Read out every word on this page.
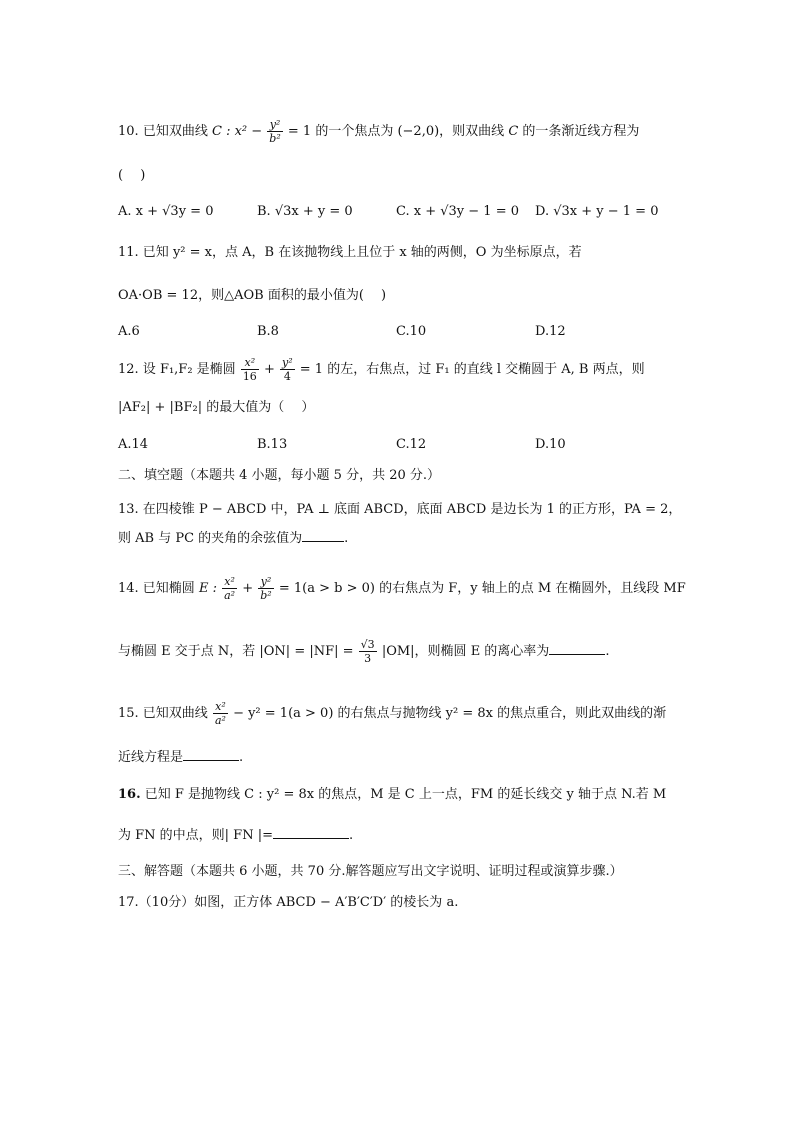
10. 已知双曲线 C : $x^2 - \frac{\text{y²}}{\text{b²}} = 1$ 的一个焦点为 (−2,0)，则双曲线 C 的一条渐近线方程为
(　 )
A. x + √3y = 0	B. √3x + y = 0	C. x + √3y − 1 = 0 D. √3x + y − 1 = 0
11. 已知 y² = x，点 A，B 在该抛物线上且位于 x 轴的两侧，O 为坐标原点，若
OA·OB = 12，则△AOB 面积的最小值为(　 )
A.6	B.8	C.10	D.12
12. 设 F₁,F₂ 是椭圆 $\frac{\text{x²}}{16} + \frac{\text{y²}}{4} = 1$ 的左，右焦点，过 F₁ 的直线 l 交椭圆于 A, B 两点，则
|AF₂| + |BF₂| 的最大值为（　 ）
A.14	B.13	C.12	D.10
二、填空题（本题共 4 小题，每小题 5 分，共 20 分.）
13. 在四棱锥 P − ABCD 中，PA ⊥ 底面 ABCD，底面 ABCD 是边长为 1 的正方形，PA = 2，
则 AB 与 PC 的夹角的余弦值为	.
14. 已知椭圆 E : $\frac{\text{x²}}{\text{a²}} + \frac{\text{y²}}{\text{b²}} = 1(a > b > 0)$ 的右焦点为 F，y 轴上的点 M 在椭圆外，且线段 MF
与椭圆 E 交于点 N，若 $|ON| = |NF| = \frac{√3}{3} |OM|$，则椭圆 E 的离心率为	.
15. 已知双曲线 $\frac{\text{x²}}{\text{a²}} - y^2 = 1(a > 0)$ 的右焦点与抛物线 y² = 8x 的焦点重合，则此双曲线的渐
近线方程是	.
16. 已知 F 是抛物线 C : y² = 8x 的焦点，M 是 C 上一点，FM 的延长线交 y 轴于点 N.若 M
为 FN 的中点，则| FN |=	.
三、解答题（本题共 6 小题，共 70 分.解答题应写出文字说明、证明过程或演算步骤.）
17.（10分）如图，正方体 ABCD − A′B′C′D′ 的棱长为 a.
